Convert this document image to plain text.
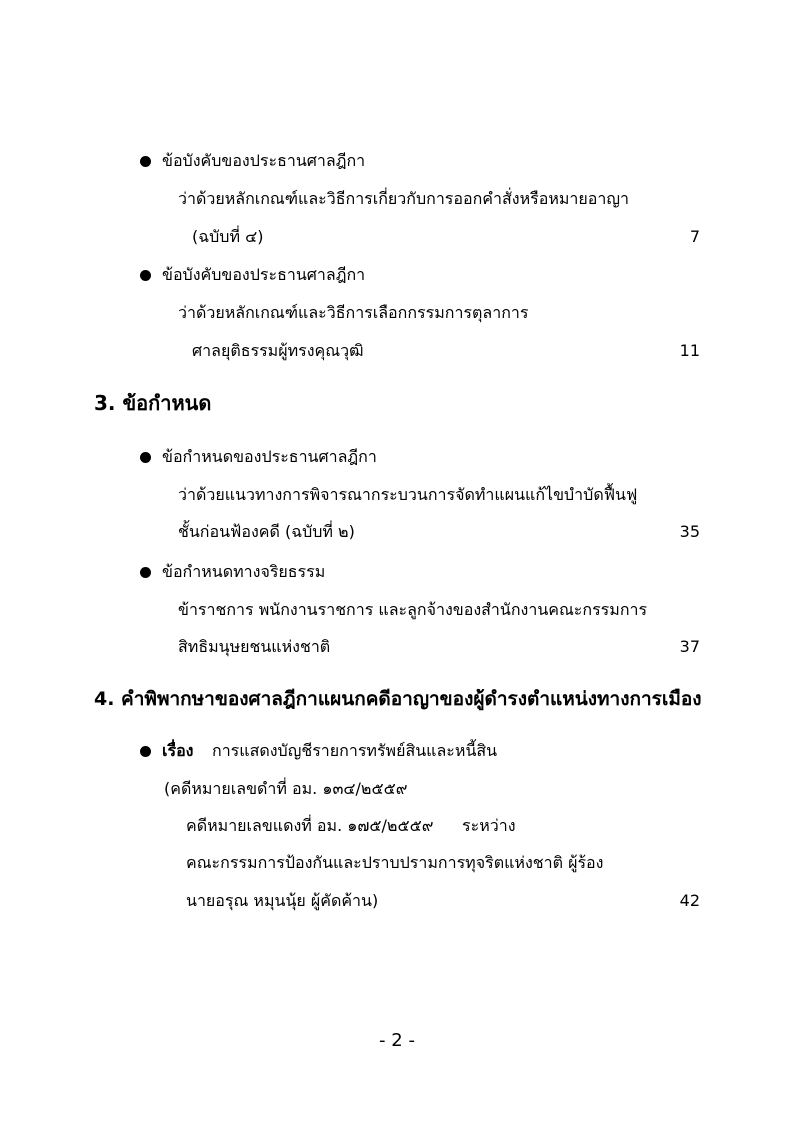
ข้อบังคับของประธานศาลฎีกา
ว่าด้วยหลักเกณฑ์และวิธีการเกี่ยวกับการออกคำสั่งหรือหมายอาญา
(ฉบับที่ ๔)	7
ข้อบังคับของประธานศาลฎีกา
ว่าด้วยหลักเกณฑ์และวิธีการเลือกกรรมการตุลาการ
ศาลยุติธรรมผู้ทรงคุณวุฒิ	11
3. ข้อกำหนด
ข้อกำหนดของประธานศาลฎีกา
ว่าด้วยแนวทางการพิจารณากระบวนการจัดทำแผนแก้ไขบำบัดฟื้นฟู
ชั้นก่อนฟ้องคดี (ฉบับที่ ๒)	35
ข้อกำหนดทางจริยธรรม
ข้าราชการ พนักงานราชการ และลูกจ้างของสำนักงานคณะกรรมการ
สิทธิมนุษยชนแห่งชาติ	37
4. คำพิพากษาของศาลฎีกาแผนกคดีอาญาของผู้ดำรงตำแหน่งทางการเมือง
เรื่อง การแสดงบัญชีรายการทรัพย์สินและหนี้สิน
(คดีหมายเลขดำที่ อม. ๑๓๔/๒๕๕๙
คดีหมายเลขแดงที่ อม. ๑๗๕/๒๕๕๙ ระหว่าง
คณะกรรมการป้องกันและปราบปรามการทุจริตแห่งชาติ ผู้ร้อง
นายอรุณ หมุนนุ้ย ผู้คัดค้าน)	42
- 2 -
